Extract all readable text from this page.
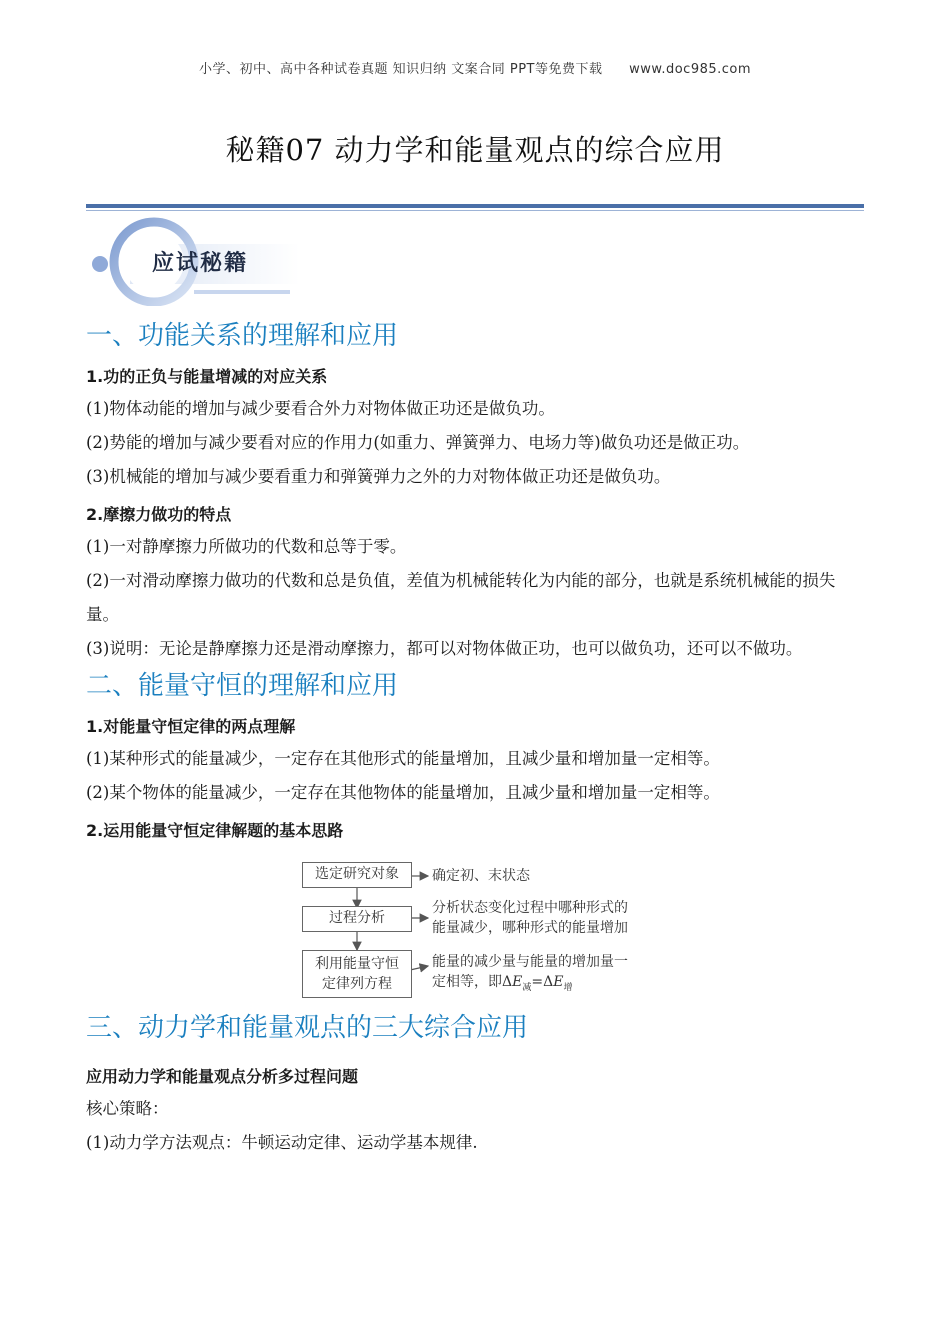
小学、初中、高中各种试卷真题 知识归纳 文案合同 PPT等免费下载 www.doc985.com
秘籍07 动力学和能量观点的综合应用
应试秘籍
一、功能关系的理解和应用
1.功的正负与能量增减的对应关系

(1)物体动能的增加与减少要看合外力对物体做正功还是做负功。

(2)势能的增加与减少要看对应的作用力(如重力、弹簧弹力、电场力等)做负功还是做正功。

(3)机械能的增加与减少要看重力和弹簧弹力之外的力对物体做正功还是做负功。

2.摩擦力做功的特点

(1)一对静摩擦力所做功的代数和总等于零。

(2)一对滑动摩擦力做功的代数和总是负值，差值为机械能转化为内能的部分，也就是系统机械能的损失量。

(3)说明：无论是静摩擦力还是滑动摩擦力，都可以对物体做正功，也可以做负功，还可以不做功。

二、能量守恒的理解和应用
1.对能量守恒定律的两点理解

(1)某种形式的能量减少，一定存在其他形式的能量增加，且减少量和增加量一定相等。

(2)某个物体的能量减少，一定存在其他物体的能量增加，且减少量和增加量一定相等。

2.运用能量守恒定律解题的基本思路
选定研究对象	确定初、末状态
过程分析
分析状态变化过程中哪种形式的
能量减少，哪种形式的能量增加
利用能量守恒
定律列方程
能量的减少量与能量的增加量一
定相等，即$\Delta E_减=\Delta E_增$
三、动力学和能量观点的三大综合应用
应用动力学和能量观点分析多过程问题

核心策略：

(1)动力学方法观点：牛顿运动定律、运动学基本规律.
